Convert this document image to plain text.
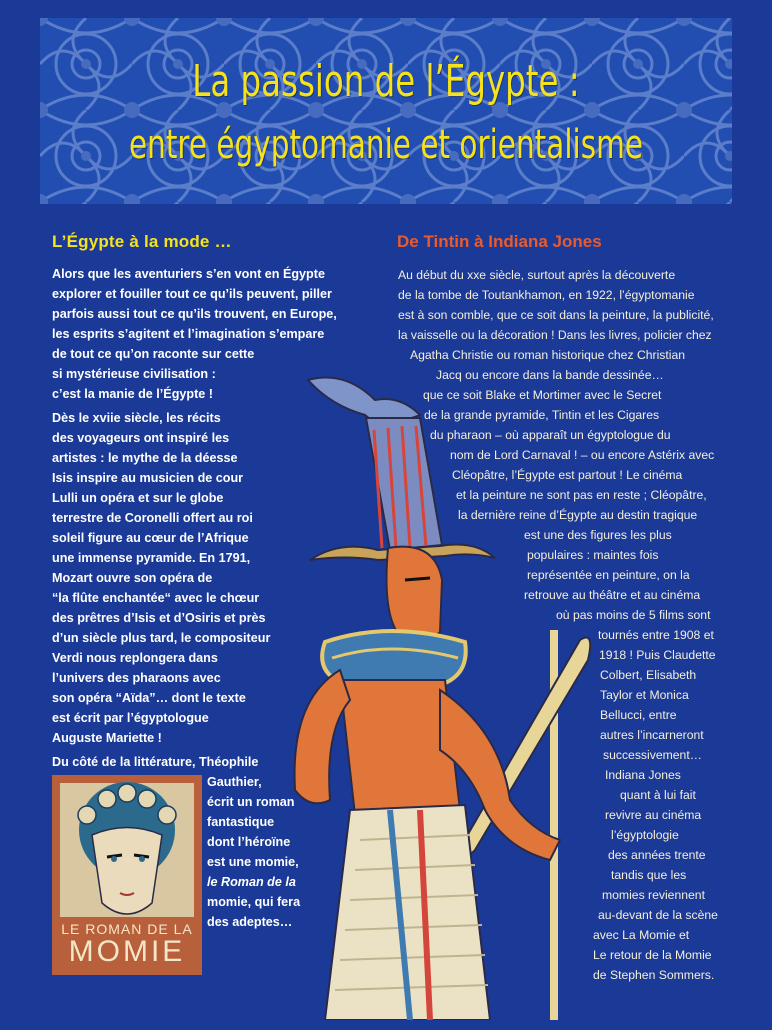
La passion de l’Égypte :
entre égyptomanie et orientalisme
L’Égypte à la mode …	De Tintin à Indiana Jones

Alors que les aventuriers s’en vont en Égypte

explorer et fouiller tout ce qu’ils peuvent, piller

parfois aussi tout ce qu’ils trouvent, en Europe,

les esprits s’agitent et l’imagination s’empare

de tout ce qu’on raconte sur cette

si mystérieuse civilisation :

c’est la manie de l’Égypte !

Dès le xviie siècle, les récits

des voyageurs ont inspiré les

artistes : le mythe de la déesse

Isis inspire au musicien de cour

Lulli un opéra et sur le globe

terrestre de Coronelli offert au roi

soleil figure au cœur de l’Afrique

une immense pyramide. En 1791,

Mozart ouvre son opéra de

“la flûte enchantée“ avec le chœur

des prêtres d’Isis et d’Osiris et près

d’un siècle plus tard, le compositeur

Verdi nous replongera dans

l’univers des pharaons avec

son opéra “Aïda”… dont le texte

est écrit par l’égyptologue

Auguste Mariette !

Du côté de la littérature, Théophile

Gauthier,

écrit un roman

fantastique

dont l’héroïne

est une momie,

le Roman de la

momie, qui fera

des adeptes…

LE ROMAN DE LA
MOMIE

Au début du xxe siècle, surtout après la découverte

de la tombe de Toutankhamon, en 1922, l’égyptomanie

est à son comble, que ce soit dans la peinture, la publicité,

la vaisselle ou la décoration ! Dans les livres, policier chez

Agatha Christie ou roman historique chez Christian

Jacq ou encore dans la bande dessinée…

que ce soit Blake et Mortimer avec le Secret

de la grande pyramide, Tintin et les Cigares

du pharaon – où apparaît un égyptologue du

nom de Lord Carnaval ! – ou encore Astérix avec

Cléopâtre, l’Égypte est partout ! Le cinéma

et la peinture ne sont pas en reste ; Cléopâtre,

la dernière reine d’Égypte au destin tragique

est une des figures les plus

populaires : maintes fois

représentée en peinture, on la

retrouve au théâtre et au cinéma

où pas moins de 5 films sont

tournés entre 1908 et

1918 ! Puis Claudette

Colbert, Elisabeth

Taylor et Monica

Bellucci, entre

autres l’incarneront

successivement…

Indiana Jones

quant à lui fait

revivre au cinéma

l’égyptologie

des années trente

tandis que les

momies reviennent

au-devant de la scène

avec La Momie et

Le retour de la Momie

de Stephen Sommers.
